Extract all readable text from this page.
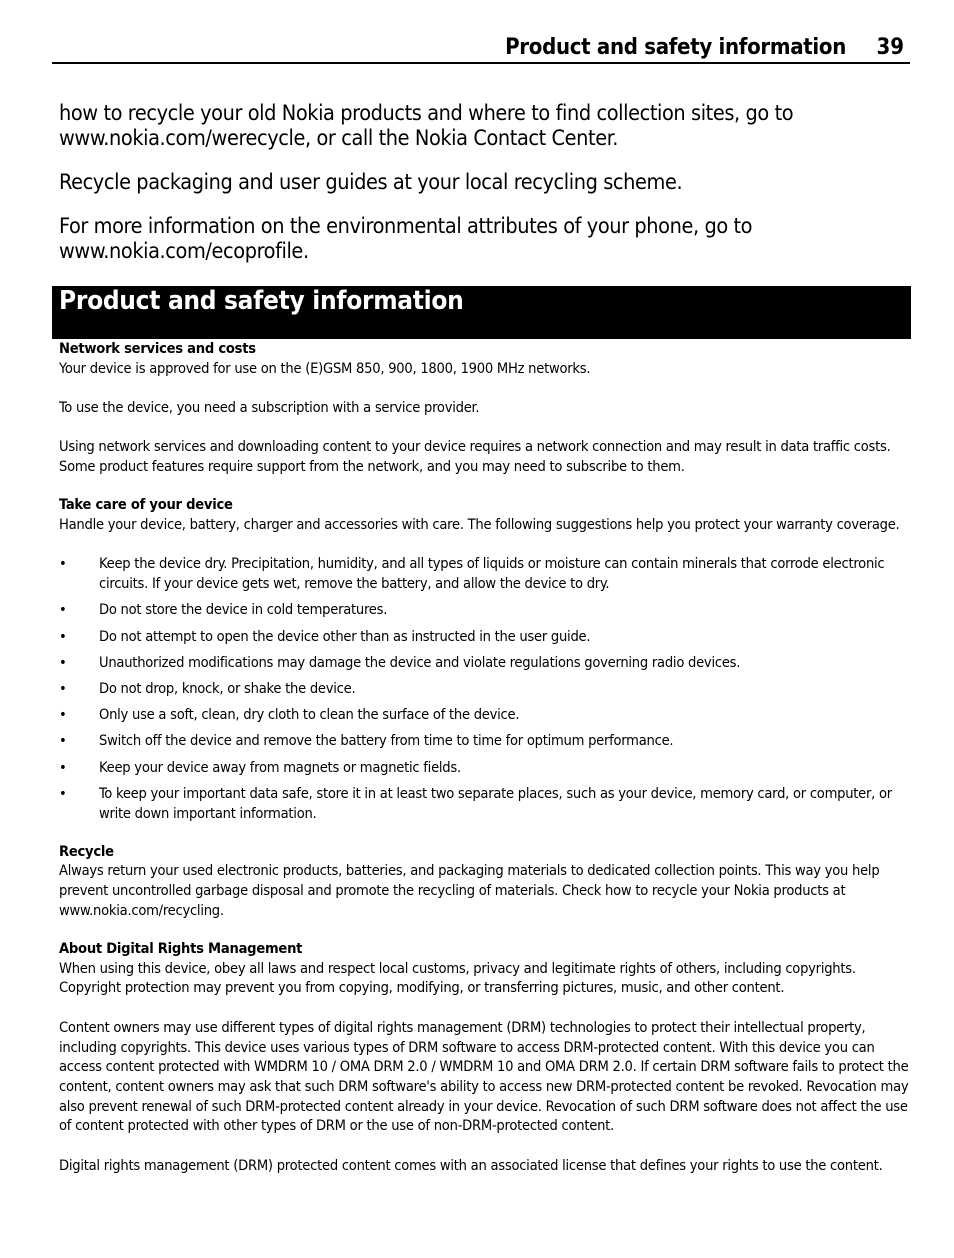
Product and safety information 39

how to recycle your old Nokia products and where to find collection sites, go to www.nokia.com/werecycle, or call the Nokia Contact Center.

Recycle packaging and user guides at your local recycling scheme.

For more information on the environmental attributes of your phone, go to www.nokia.com/ecoprofile.

Product and safety information
Network services and costs

Your device is approved for use on the (E)GSM 850, 900, 1800, 1900 MHz networks.

To use the device, you need a subscription with a service provider.

Using network services and downloading content to your device requires a network connection and may result in data traffic costs. Some product features require support from the network, and you may need to subscribe to them.

Take care of your device

Handle your device, battery, charger and accessories with care. The following suggestions help you protect your warranty coverage.

• Keep the device dry. Precipitation, humidity, and all types of liquids or moisture can contain minerals that corrode electronic circuits. If your device gets wet, remove the battery, and allow the device to dry.
• Do not store the device in cold temperatures.
• Do not attempt to open the device other than as instructed in the user guide.
• Unauthorized modifications may damage the device and violate regulations governing radio devices.
• Do not drop, knock, or shake the device.
• Only use a soft, clean, dry cloth to clean the surface of the device.
• Switch off the device and remove the battery from time to time for optimum performance.
• Keep your device away from magnets or magnetic fields.
• To keep your important data safe, store it in at least two separate places, such as your device, memory card, or computer, or write down important information.
Recycle

Always return your used electronic products, batteries, and packaging materials to dedicated collection points. This way you help prevent uncontrolled garbage disposal and promote the recycling of materials. Check how to recycle your Nokia products at www.nokia.com/recycling.

About Digital Rights Management

When using this device, obey all laws and respect local customs, privacy and legitimate rights of others, including copyrights. Copyright protection may prevent you from copying, modifying, or transferring pictures, music, and other content.

Content owners may use different types of digital rights management (DRM) technologies to protect their intellectual property, including copyrights. This device uses various types of DRM software to access DRM-protected content. With this device you can access content protected with WMDRM 10 / OMA DRM 2.0 / WMDRM 10 and OMA DRM 2.0. If certain DRM software fails to protect the content, content owners may ask that such DRM software's ability to access new DRM-protected content be revoked. Revocation may also prevent renewal of such DRM-protected content already in your device. Revocation of such DRM software does not affect the use of content protected with other types of DRM or the use of non-DRM-protected content.

Digital rights management (DRM) protected content comes with an associated license that defines your rights to use the content.
